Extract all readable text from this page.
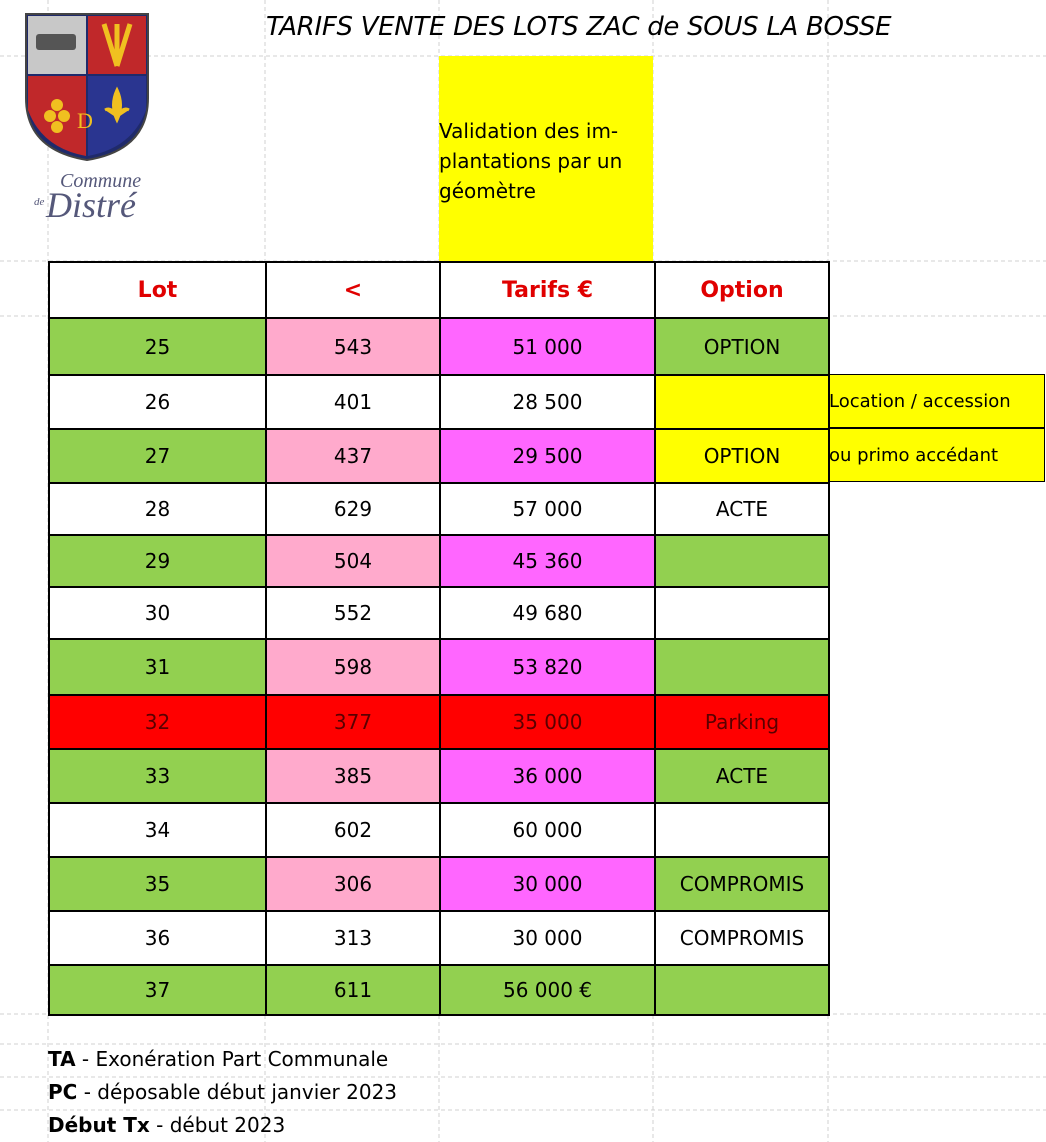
D
Commune
de Distré
TARIFS VENTE DES LOTS ZAC de SOUS LA BOSSE
Validation des im-plantations par un géomètre
Location / accession
ou primo accédant
Lot	<	Tarifs €	Option
25	543	51 000	OPTION
26	401	28 500	
27	437	29 500	OPTION
28	629	57 000	ACTE
29	504	45 360	
30	552	49 680	
31	598	53 820	
32	377	35 000	Parking
33	385	36 000	ACTE
34	602	60 000	
35	306	30 000	COMPROMIS
36	313	30 000	COMPROMIS
37	611	56 000 €	
TA - Exonération Part Communale
PC - déposable début janvier 2023
Début Tx - début 2023
